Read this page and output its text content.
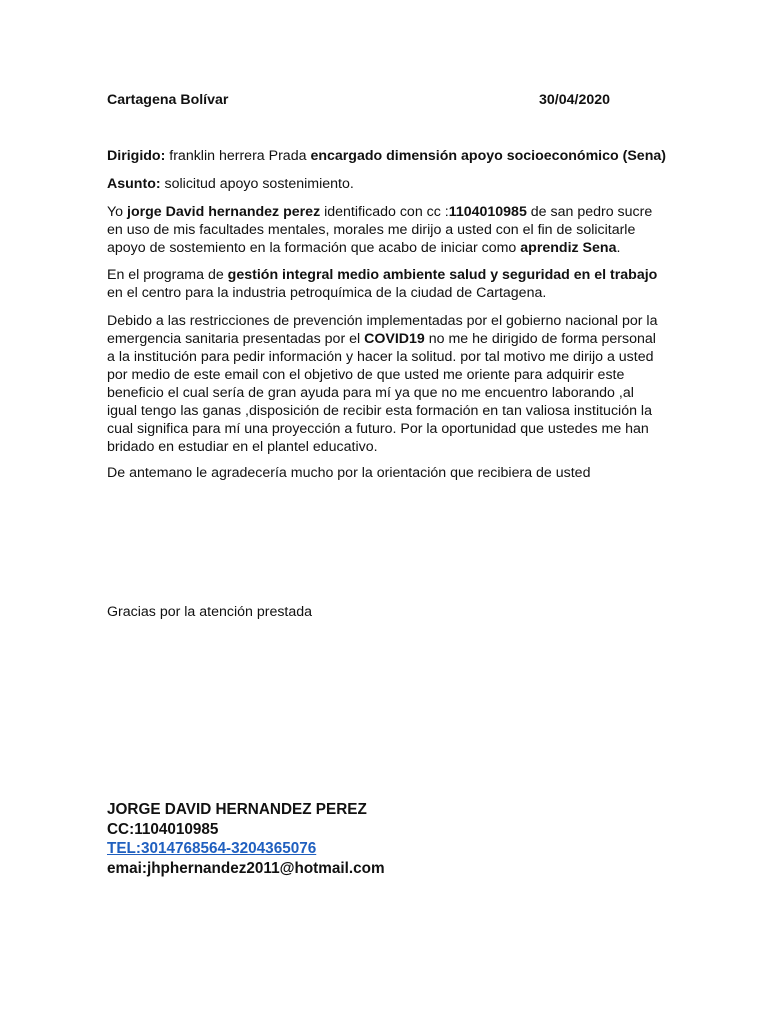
Cartagena Bolívar	30/04/2020

Dirigido: franklin herrera Prada encargado dimensión apoyo socioeconómico (Sena)

Asunto: solicitud apoyo sostenimiento.

Yo jorge David hernandez perez identificado con cc :1104010985 de san pedro sucre en uso de mis facultades mentales, morales me dirijo a usted con el fin de solicitarle apoyo de sostemiento en la formación que acabo de iniciar como aprendiz Sena.

En el programa de gestión integral medio ambiente salud y seguridad en el trabajo en el centro para la industria petroquímica de la ciudad de Cartagena.

Debido a las restricciones de prevención implementadas por el gobierno nacional por la emergencia sanitaria presentadas por el COVID19 no me he dirigido de forma personal a la institución para pedir información y hacer la solitud. por tal motivo me dirijo a usted por medio de este email con el objetivo de que usted me oriente para adquirir este beneficio el cual sería de gran ayuda para mí ya que no me encuentro laborando ,al igual tengo las ganas ,disposición de recibir esta formación en tan valiosa institución la cual significa para mí una proyección a futuro. Por la oportunidad que ustedes me han bridado en estudiar en el plantel educativo.

De antemano le agradecería mucho por la orientación que recibiera de usted

Gracias por la atención prestada

JORGE DAVID HERNANDEZ PEREZ
CC:1104010985
TEL:3014768564-3204365076
emai:jhphernandez2011@hotmail.com
